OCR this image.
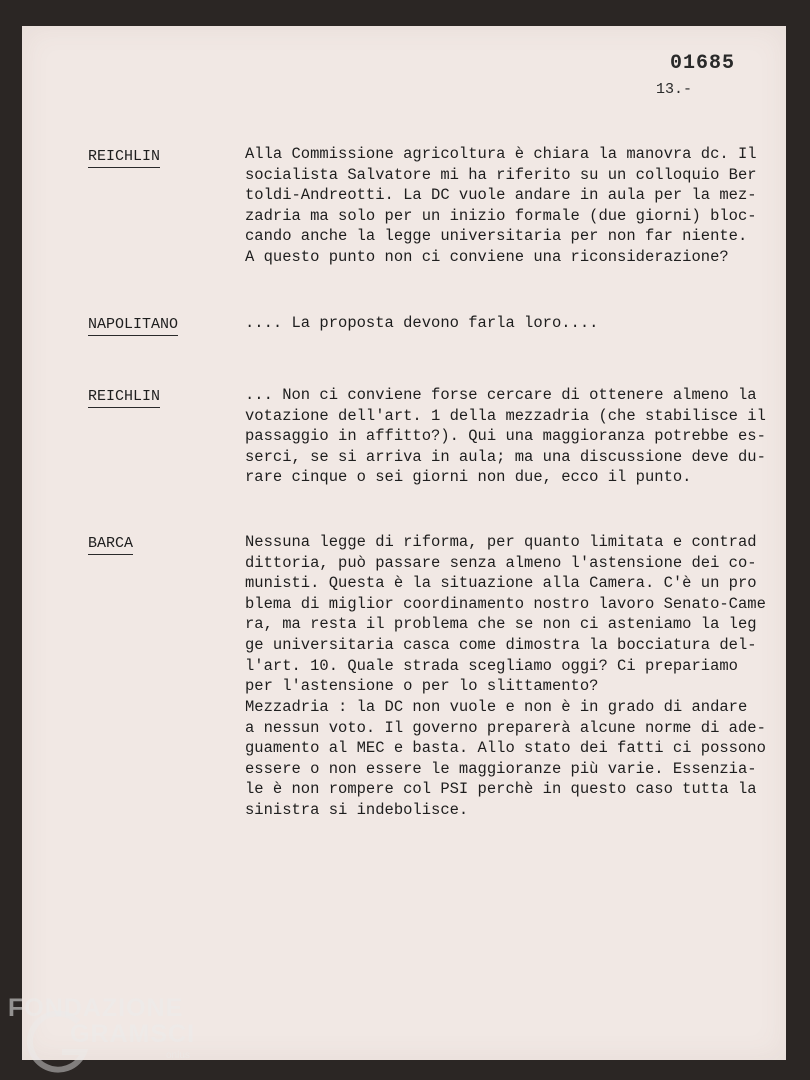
01685
13.-
REICHLIN	Alla Commissione agricoltura è chiara la manovra dc. Il
socialista Salvatore mi ha riferito su un colloquio Ber
toldi-Andreotti. La DC vuole andare in aula per la mez-
zadria ma solo per un inizio formale (due giorni) bloc-
cando anche la legge universitaria per non far niente.
A questo punto non ci conviene una riconsiderazione?
NAPOLITANO	.... La proposta devono farla loro....
REICHLIN	... Non ci conviene forse cercare di ottenere almeno la
votazione dell'art. 1 della mezzadria (che stabilisce il
passaggio in affitto?). Qui una maggioranza potrebbe es-
serci, se si arriva in aula; ma una discussione deve du-
rare cinque o sei giorni non due, ecco il punto.
BARCA	Nessuna legge di riforma, per quanto limitata e contrad
dittoria, può passare senza almeno l'astensione dei co-
munisti. Questa è la situazione alla Camera. C'è un pro
blema di miglior coordinamento nostro lavoro Senato-Came
ra, ma resta il problema che se non ci asteniamo la leg
ge universitaria casca come dimostra la bocciatura del-
l'art. 10. Quale strada scegliamo oggi? Ci prepariamo
per l'astensione o per lo slittamento?
Mezzadria : la DC non vuole e non è in grado di andare
a nessun voto. Il governo preparerà alcune norme di ade-
guamento al MEC e basta. Allo stato dei fatti ci possono
essere o non essere le maggioranze più varie. Essenzia-
le è non rompere col PSI perchè in questo caso tutta la
sinistra si indebolisce.
FONDAZIONE
GRAMSCI
onlus
